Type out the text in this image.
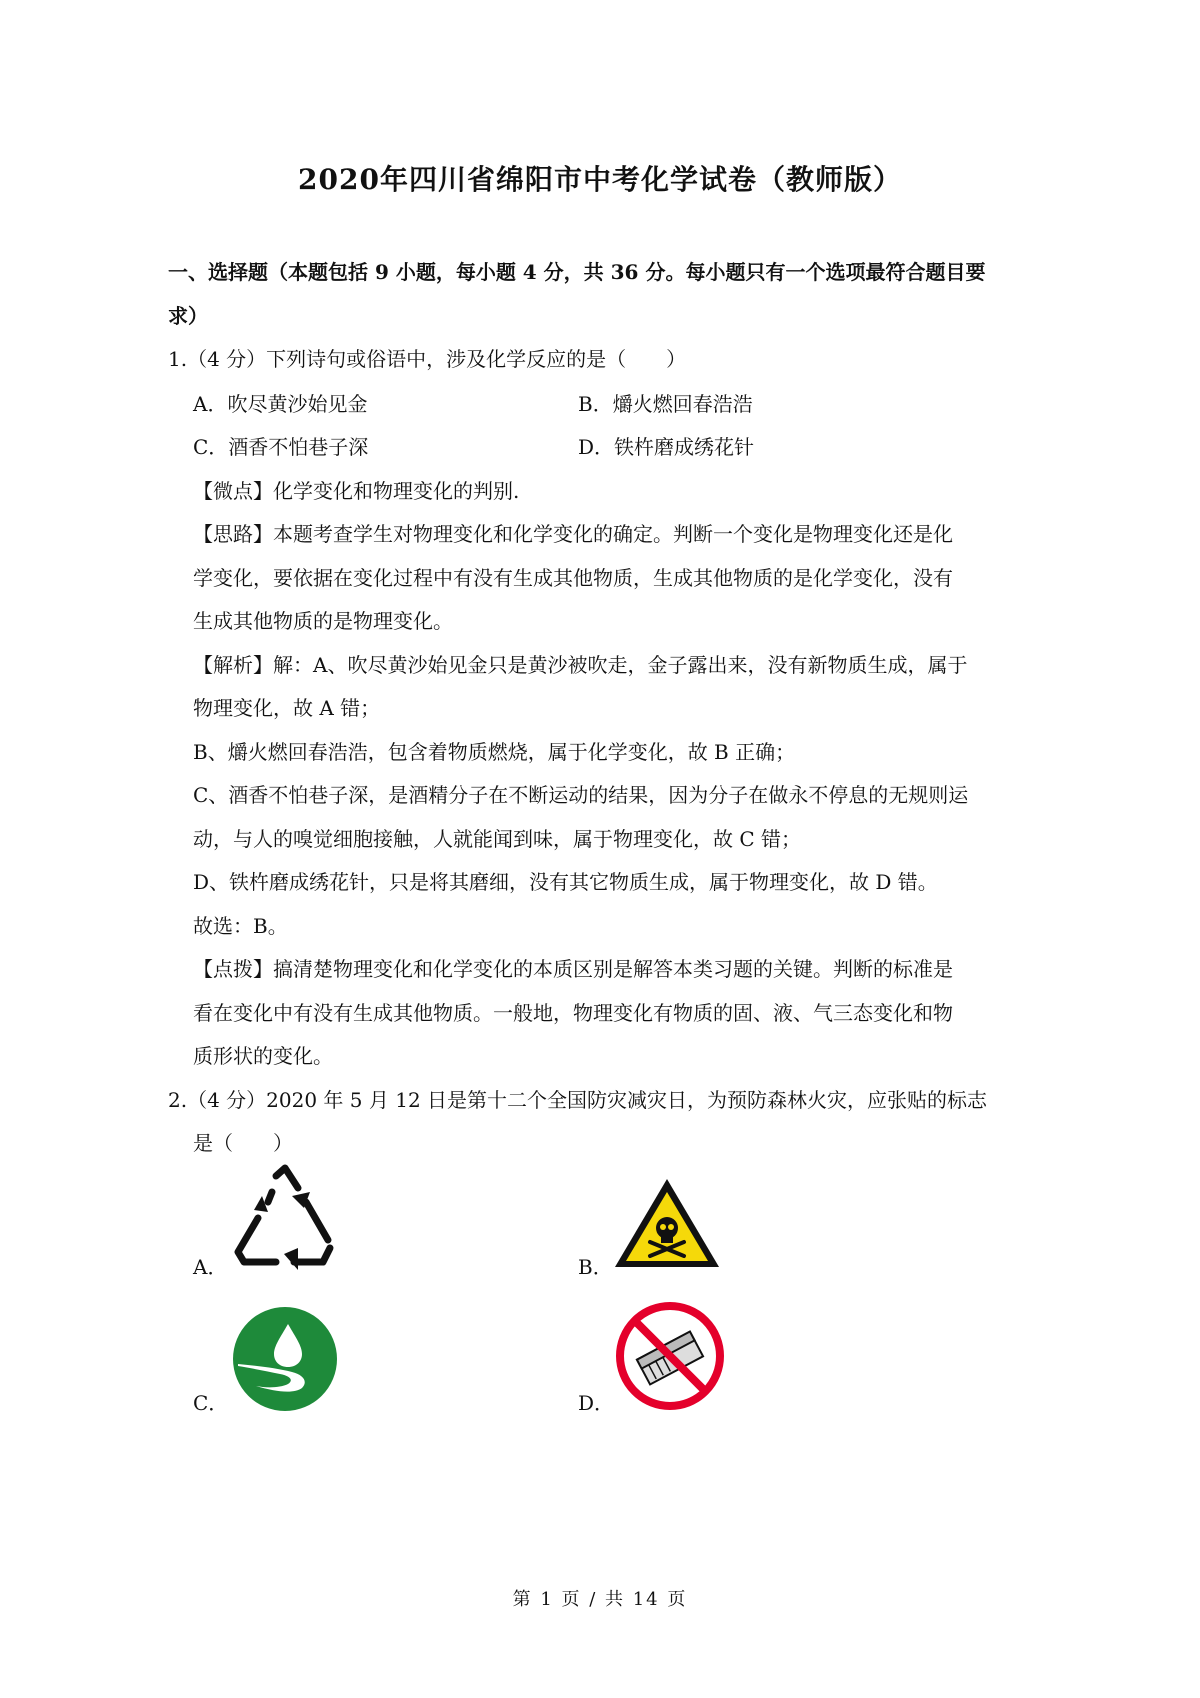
2020年四川省绵阳市中考化学试卷（教师版）
一、选择题（本题包括 9 小题，每小题 4 分，共 36 分。每小题只有一个选项最符合题目要
求）
1.（4 分）下列诗句或俗语中，涉及化学反应的是（　　）
A．吹尽黄沙始见金	B．爝火燃回春浩浩
C．酒香不怕巷子深	D．铁杵磨成绣花针
【微点】化学变化和物理变化的判别.
【思路】本题考查学生对物理变化和化学变化的确定。判断一个变化是物理变化还是化
学变化，要依据在变化过程中有没有生成其他物质，生成其他物质的是化学变化，没有
生成其他物质的是物理变化。
【解析】解：A、吹尽黄沙始见金只是黄沙被吹走，金子露出来，没有新物质生成，属于
物理变化，故 A 错；
B、爝火燃回春浩浩，包含着物质燃烧，属于化学变化，故 B 正确；
C、酒香不怕巷子深，是酒精分子在不断运动的结果，因为分子在做永不停息的无规则运
动，与人的嗅觉细胞接触，人就能闻到味，属于物理变化，故 C 错；
D、铁杵磨成绣花针，只是将其磨细，没有其它物质生成，属于物理变化，故 D 错。
故选：B。
【点拨】搞清楚物理变化和化学变化的本质区别是解答本类习题的关键。判断的标准是
看在变化中有没有生成其他物质。一般地，物理变化有物质的固、液、气三态变化和物
质形状的变化。
2.（4 分）2020 年 5 月 12 日是第十二个全国防灾减灾日，为预防森林火灾，应张贴的标志
是（　　）
A．	B．
C．	D．
第 1 页 / 共 14 页
